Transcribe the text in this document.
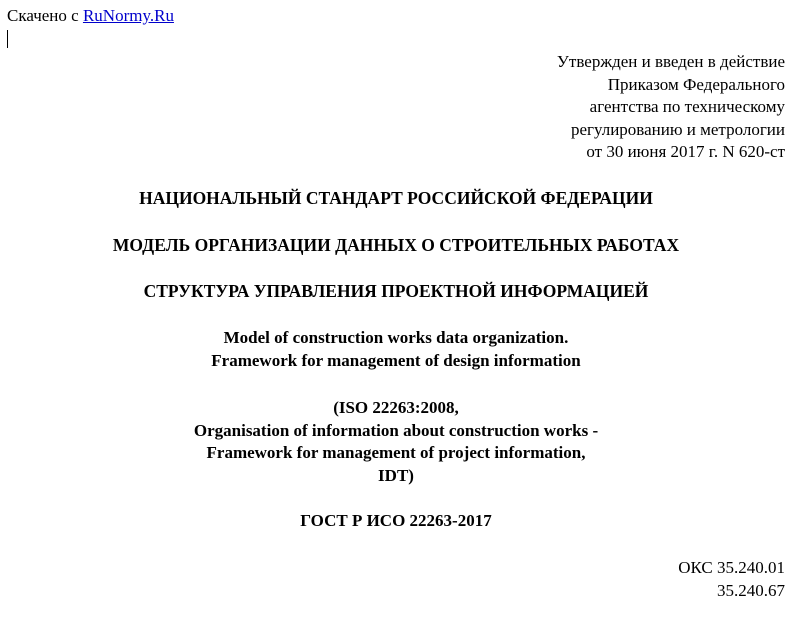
Скачено с RuNormy.Ru
Утвержден и введен в действие
Приказом Федерального
агентства по техническому
регулированию и метрологии
от 30 июня 2017 г. N 620-ст
НАЦИОНАЛЬНЫЙ СТАНДАРТ РОССИЙСКОЙ ФЕДЕРАЦИИ
МОДЕЛЬ ОРГАНИЗАЦИИ ДАННЫХ О СТРОИТЕЛЬНЫХ РАБОТАХ
СТРУКТУРА УПРАВЛЕНИЯ ПРОЕКТНОЙ ИНФОРМАЦИЕЙ
Model of construction works data organization.
Framework for management of design information
(ISO 22263:2008,
Organisation of information about construction works -
Framework for management of project information,
IDT)
ГОСТ Р ИСО 22263-2017
ОКС 35.240.01
35.240.67
